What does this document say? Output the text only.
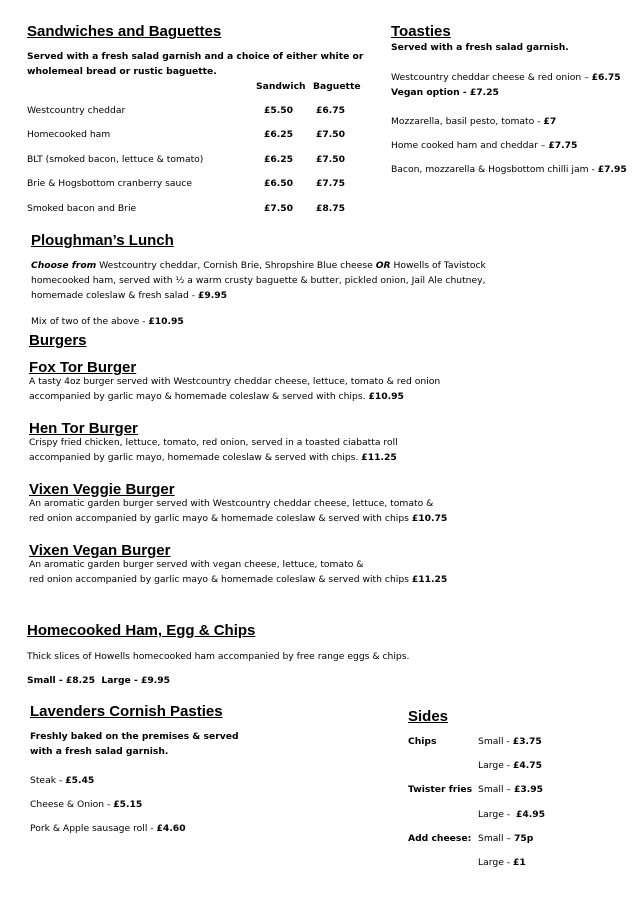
Sandwiches and Baguettes
Served with a fresh salad garnish and a choice of either white or
wholemeal bread or rustic baguette.
Sandwich Baguette
Westcountry cheddar	£5.50 £6.75
Homecooked ham	£6.25 £7.50
BLT (smoked bacon, lettuce & tomato)	£6.25 £7.50
Brie & Hogsbottom cranberry sauce	£6.50 £7.75
Smoked bacon and Brie	£7.50 £8.75
Toasties
Served with a fresh salad garnish.
Westcountry cheddar cheese & red onion – £6.75
Vegan option - £7.25
Mozzarella, basil pesto, tomato - £7
Home cooked ham and cheddar – £7.75
Bacon, mozzarella & Hogsbottom chilli jam - £7.95
Ploughman’s Lunch
Choose from Westcountry cheddar, Cornish Brie, Shropshire Blue cheese OR Howells of Tavistock
homecooked ham, served with ½ a warm crusty baguette & butter, pickled onion, Jail Ale chutney,
homemade coleslaw & fresh salad - £9.95
Mix of two of the above - £10.95
Burgers
Fox Tor Burger
A tasty 4oz burger served with Westcountry cheddar cheese, lettuce, tomato & red onion
accompanied by garlic mayo & homemade coleslaw & served with chips. £10.95
Hen Tor Burger
Crispy fried chicken, lettuce, tomato, red onion, served in a toasted ciabatta roll
accompanied by garlic mayo, homemade coleslaw & served with chips. £11.25
Vixen Veggie Burger
An aromatic garden burger served with Westcountry cheddar cheese, lettuce, tomato &
red onion accompanied by garlic mayo & homemade coleslaw & served with chips £10.75
Vixen Vegan Burger
An aromatic garden burger served with vegan cheese, lettuce, tomato &
red onion accompanied by garlic mayo & homemade coleslaw & served with chips £11.25
Homecooked Ham, Egg & Chips
Thick slices of Howells homecooked ham accompanied by free range eggs & chips.
Small - £8.25  Large - £9.95
Lavenders Cornish Pasties
Freshly baked on the premises & served
with a fresh salad garnish.
Steak - £5.45
Cheese & Onion - £5.15
Pork & Apple sausage roll - £4.60
Sides
Chips	Small - £3.75
Large - £4.75
Twister fries Small – £3.95
Large -  £4.95
Add cheese: Small – 75p
Large - £1
